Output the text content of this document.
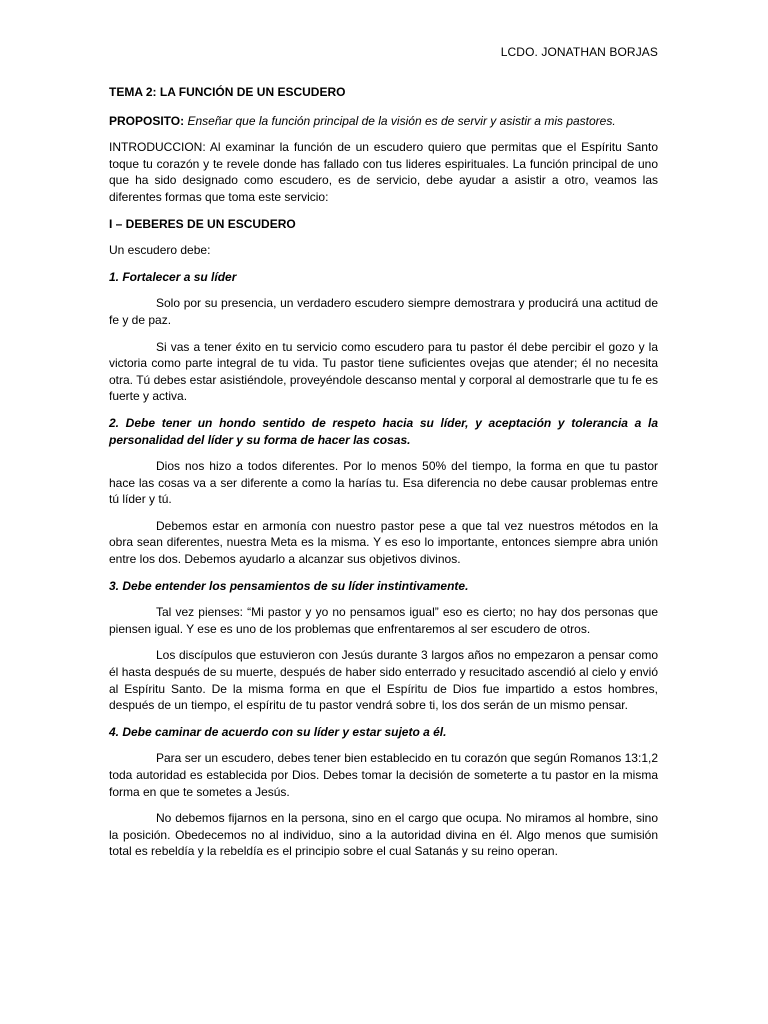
LCDO. JONATHAN BORJAS

TEMA 2: LA FUNCIÓN DE UN ESCUDERO

PROPOSITO: Enseñar que la función principal de la visión es de servir y asistir a mis pastores.

INTRODUCCION: Al examinar la función de un escudero quiero que permitas que el Espíritu Santo toque tu corazón y te revele donde has fallado con tus lideres espirituales. La función principal de uno que ha sido designado como escudero, es de servicio, debe ayudar a asistir a otro, veamos las diferentes formas que toma este servicio:

I – DEBERES DE UN ESCUDERO

Un escudero debe:

1. Fortalecer a su líder

Solo por su presencia, un verdadero escudero siempre demostrara y producirá una actitud de fe y de paz.

Si vas a tener éxito en tu servicio como escudero para tu pastor él debe percibir el gozo y la victoria como parte integral de tu vida. Tu pastor tiene suficientes ovejas que atender; él no necesita otra. Tú debes estar asistiéndole, proveyéndole descanso mental y corporal al demostrarle que tu fe es fuerte y activa.

2. Debe tener un hondo sentido de respeto hacia su líder, y aceptación y tolerancia a la personalidad del líder y su forma de hacer las cosas.

Dios nos hizo a todos diferentes. Por lo menos 50% del tiempo, la forma en que tu pastor hace las cosas va a ser diferente a como la harías tu. Esa diferencia no debe causar problemas entre tú líder y tú.

Debemos estar en armonía con nuestro pastor pese a que tal vez nuestros métodos en la obra sean diferentes, nuestra Meta es la misma. Y es eso lo importante, entonces siempre abra unión entre los dos. Debemos ayudarlo a alcanzar sus objetivos divinos.

3. Debe entender los pensamientos de su líder instintivamente.

Tal vez pienses: “Mi pastor y yo no pensamos igual” eso es cierto; no hay dos personas que piensen igual. Y ese es uno de los problemas que enfrentaremos al ser escudero de otros.

Los discípulos que estuvieron con Jesús durante 3 largos años no empezaron a pensar como él hasta después de su muerte, después de haber sido enterrado y resucitado ascendió al cielo y envió al Espíritu Santo. De la misma forma en que el Espíritu de Dios fue impartido a estos hombres, después de un tiempo, el espíritu de tu pastor vendrá sobre ti, los dos serán de un mismo pensar.

4. Debe caminar de acuerdo con su líder y estar sujeto a él.

Para ser un escudero, debes tener bien establecido en tu corazón que según Romanos 13:1,2 toda autoridad es establecida por Dios. Debes tomar la decisión de someterte a tu pastor en la misma forma en que te sometes a Jesús.

No debemos fijarnos en la persona, sino en el cargo que ocupa. No miramos al hombre, sino la posición. Obedecemos no al individuo, sino a la autoridad divina en él. Algo menos que sumisión total es rebeldía y la rebeldía es el principio sobre el cual Satanás y su reino operan.
